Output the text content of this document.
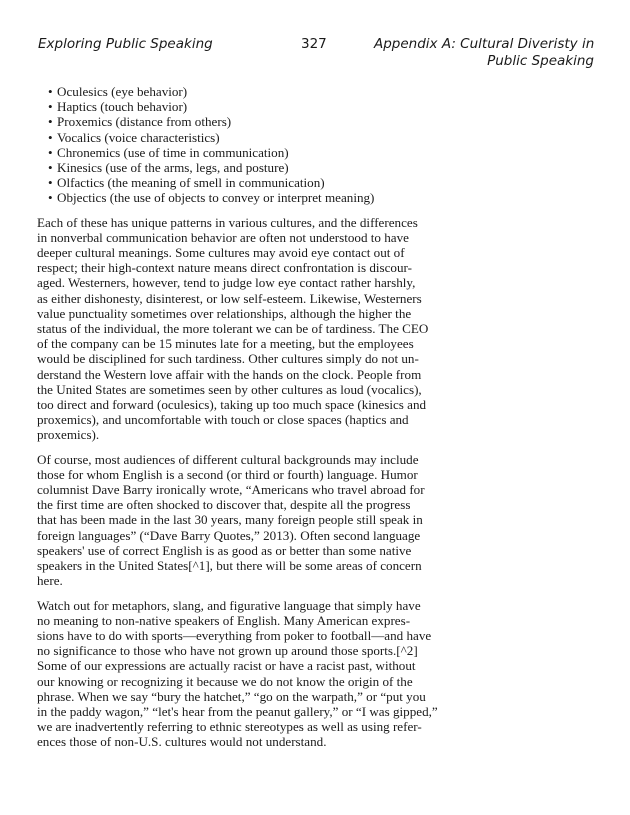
Exploring Public Speaking	327	Appendix A: Cultural Diveristy in
Public Speaking
• Oculesics (eye behavior)
• Haptics (touch behavior)
• Proxemics (distance from others)
• Vocalics (voice characteristics)
• Chronemics (use of time in communication)
• Kinesics (use of the arms, legs, and posture)
• Olfactics (the meaning of smell in communication)
• Objectics (the use of objects to convey or interpret meaning)

Each of these has unique patterns in various cultures, and the differences
in nonverbal communication behavior are often not understood to have
deeper cultural meanings. Some cultures may avoid eye contact out of
respect; their high-context nature means direct confrontation is discour-
aged. Westerners, however, tend to judge low eye contact rather harshly,
as either dishonesty, disinterest, or low self-esteem. Likewise, Westerners
value punctuality sometimes over relationships, although the higher the
status of the individual, the more tolerant we can be of tardiness. The CEO
of the company can be 15 minutes late for a meeting, but the employees
would be disciplined for such tardiness. Other cultures simply do not un-
derstand the Western love affair with the hands on the clock. People from
the United States are sometimes seen by other cultures as loud (vocalics),
too direct and forward (oculesics), taking up too much space (kinesics and
proxemics), and uncomfortable with touch or close spaces (haptics and
proxemics).

Of course, most audiences of different cultural backgrounds may include
those for whom English is a second (or third or fourth) language. Humor
columnist Dave Barry ironically wrote, “Americans who travel abroad for
the first time are often shocked to discover that, despite all the progress
that has been made in the last 30 years, many foreign people still speak in
foreign languages” (“Dave Barry Quotes,” 2013). Often second language
speakers' use of correct English is as good as or better than some native
speakers in the United States[^1], but there will be some areas of concern
here.

Watch out for metaphors, slang, and figurative language that simply have
no meaning to non-native speakers of English. Many American expres-
sions have to do with sports—everything from poker to football—and have
no significance to those who have not grown up around those sports.[^2]
Some of our expressions are actually racist or have a racist past, without
our knowing or recognizing it because we do not know the origin of the
phrase. When we say “bury the hatchet,” “go on the warpath,” or “put you
in the paddy wagon,” “let's hear from the peanut gallery,” or “I was gipped,”
we are inadvertently referring to ethnic stereotypes as well as using refer-
ences those of non-U.S. cultures would not understand.
